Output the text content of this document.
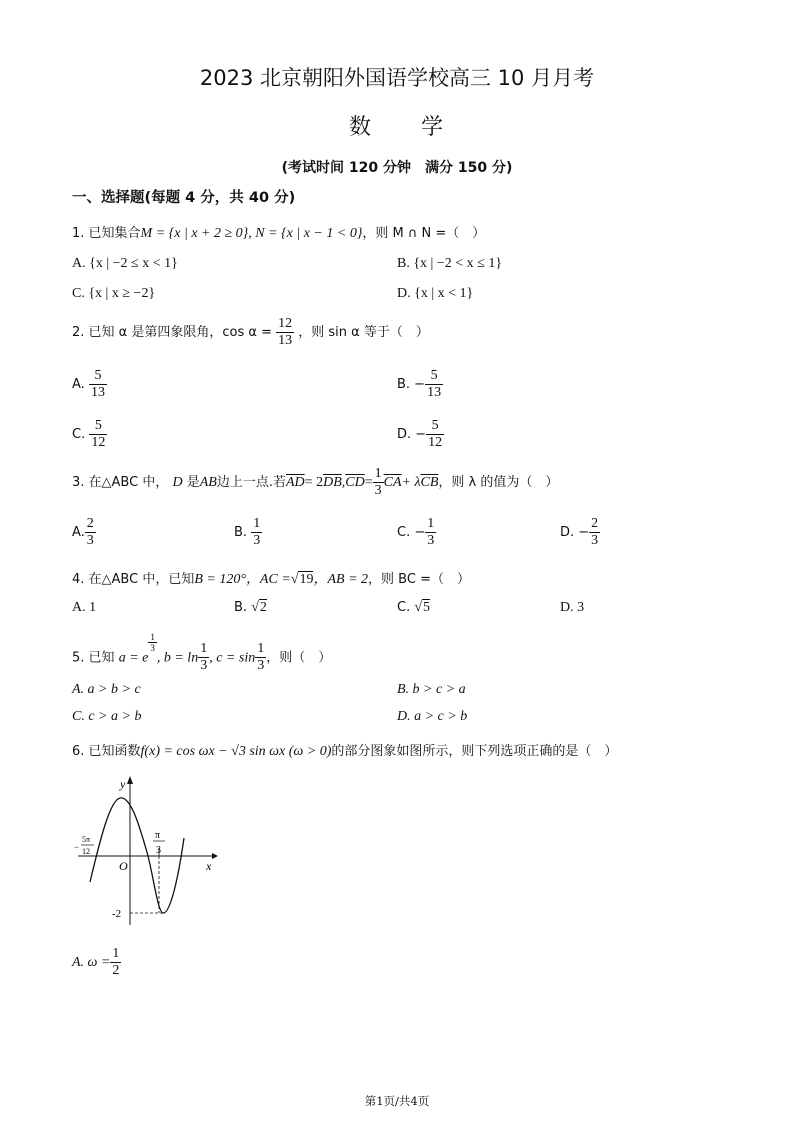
2023 北京朝阳外国语学校高三 10 月月考
数 学
(考试时间 120 分钟　满分 150 分)
一、选择题(每题 4 分，共 40 分)
1. 已知集合M = {x | x + 2 ≥ 0}, N = {x | x − 1 < 0}，则 M ∩ N =（　）
A. {x | −2 ≤ x < 1}	B. {x | −2 < x ≤ 1}
C. {x | x ≥ −2}	D. {x | x < 1}
2. 已知 α 是第四象限角，$\cos \alpha = \frac{12}{13}$ ，则 sin α 等于（　）
A. $\frac{5}{13}$	B. − $\frac{5}{13}$
C. $\frac{5}{12}$	D. − $\frac{5}{12}$
3. 在△ABC 中， D 是AB边上一点.若$\overline{AD}= 2\overline{DB},\overline{CD}= \frac{1}{3} \overline{CA}+ \lambda\overline{CB}$，则 λ 的值为（　）
A. $\frac{2}{3}$	B. $\frac{1}{3}$	C. − $\frac{1}{3}$	D. − $\frac{2}{3}$
4. 在△ABC 中，已知B = 120°，AC =√19，AB = 2，则 BC =（　）
A. 1	B. √2	C. √5	D. 3
5. 已知 a = e
$\frac{1}{3}$
, $b = \ln \frac{1}{3}$ , $c = \sin \frac{1}{3}$ ，则（　）
A. a > b > c	B. b > c > a
C. c > a > b	D. a > c > b
6. 已知函数f(x) = cos ωx − √3 sin ωx (ω > 0)的部分图象如图所示，则下列选项正确的是（　）
y
x
O
−
5π
12
π
3
-2
A. $\omega = \frac{1}{2}$
第1页/共4页
